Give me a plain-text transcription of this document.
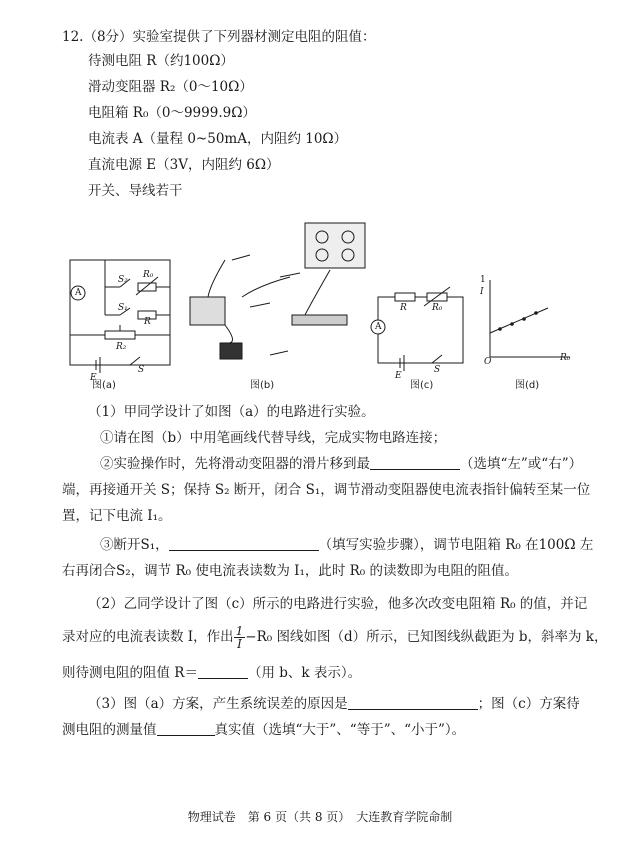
12.（8分）实验室提供了下列器材测定电阻的阻值：
待测电阻 R（约100Ω）
滑动变阻器 R₂（0～10Ω）
电阻箱 R₀（0～9999.9Ω）
电流表 A（量程 0~50mA，内阻约 10Ω）
直流电源 E（3V，内阻约 6Ω）
开关、导线若干
A
S₂ R₀
S₁
R
R₂
E
S
图(a)	图(b)
R	R₀
A
E
S
图(c)
1
I
R₀
O
图(d)
（1）甲同学设计了如图（a）的电路进行实验。
①请在图（b）中用笔画线代替导线，完成实物电路连接；
②实验操作时，先将滑动变阻器的滑片移到最	（选填“左”或“右”）
端，再接通开关 S；保持 S₂ 断开，闭合 S₁，调节滑动变阻器使电流表指针偏转至某一位
置，记下电流 I₁。
③断开S₁，	（填写实验步骤），调节电阻箱 R₀ 在100Ω 左
右再闭合S₂，调节 R₀ 使电流表读数为 I₁，此时 R₀ 的读数即为电阻的阻值。
（2）乙同学设计了图（c）所示的电路进行实验，他多次改变电阻箱 R₀ 的值，并记
录对应的电流表读数 I，作出 $\frac{1}{I} -R_0$ 图线如图（d）所示，已知图线纵截距为 b，斜率为 k，
则待测电阻的阻值 R＝	（用 b、k 表示）。
（3）图（a）方案，产生系统误差的原因是	；图（c）方案待
测电阻的测量值	真实值（选填“大于”、“等于”、“小于”）。
物理试卷　第 6 页（共 8 页）　大连教育学院命制
